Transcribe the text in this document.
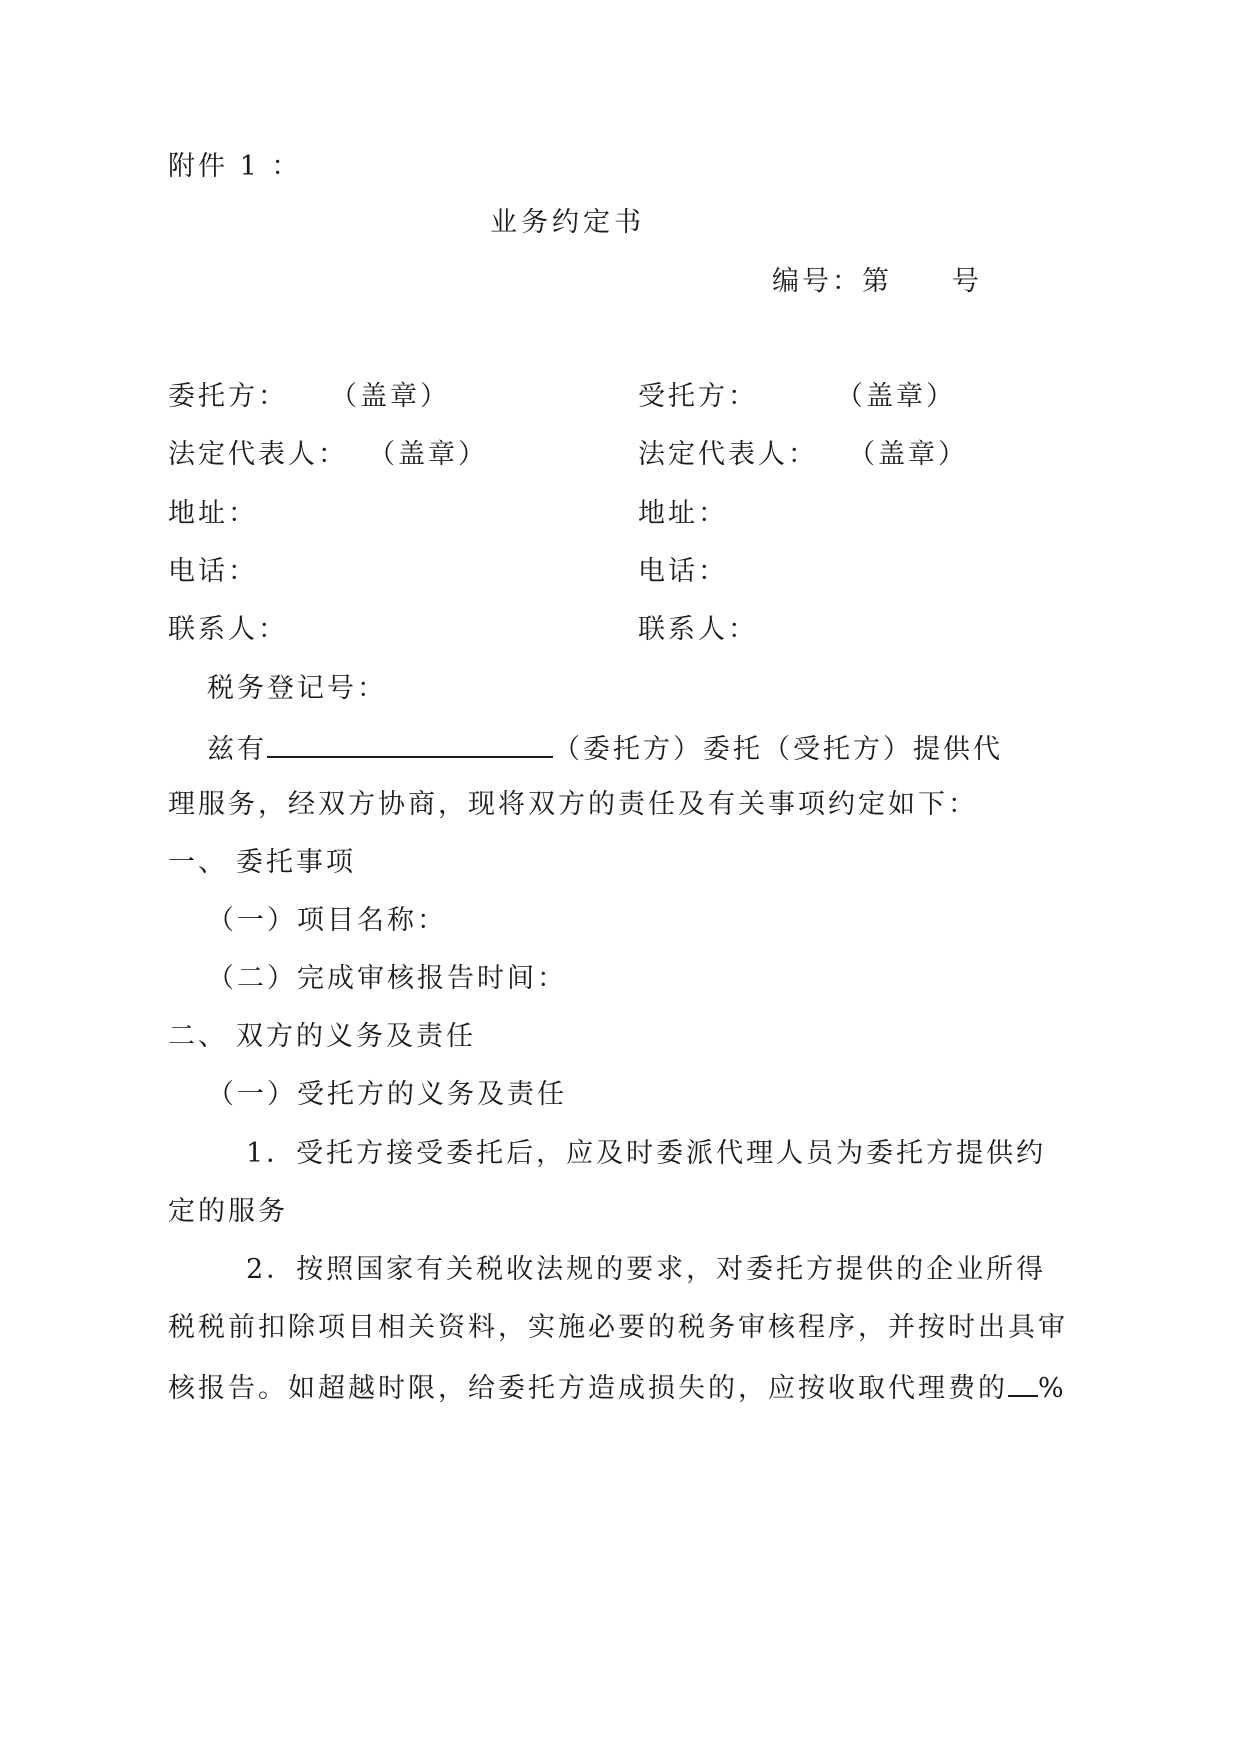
附件 1 ：
业务约定书
编号：第　　号
委托方： （盖章）
法定代表人： （盖章）
地址：
电话：
联系人：
受托方：	（盖章）
法定代表人： （盖章）
地址：
电话：
联系人：
税务登记号：
兹有	（委托方）委托（受托方）提供代
理服务，经双方协商，现将双方的责任及有关事项约定如下：
一、 委托事项
（一）项目名称：
（二）完成审核报告时间：
二、 双方的义务及责任
（一）受托方的义务及责任
1．受托方接受委托后，应及时委派代理人员为委托方提供约
定的服务
2．按照国家有关税收法规的要求，对委托方提供的企业所得
税税前扣除项目相关资料，实施必要的税务审核程序，并按时出具审
核报告。如超越时限，给委托方造成损失的，应按收取代理费的 %
